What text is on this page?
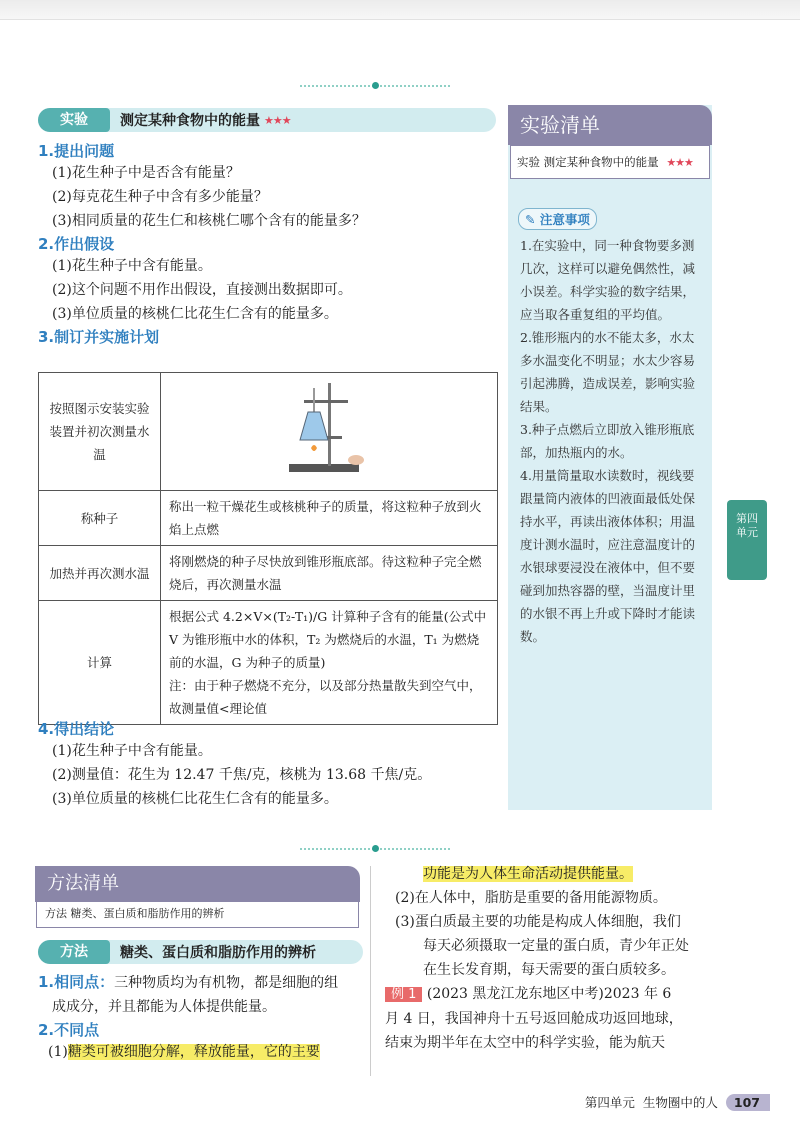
实验	测定某种食物中的能量 ★★★
1.提出问题
(1)花生种子中是否含有能量？
(2)每克花生种子中含有多少能量？
(3)相同质量的花生仁和核桃仁哪个含有的能量多？
2.作出假设
(1)花生种子中含有能量。
(2)这个问题不用作出假设，直接测出数据即可。
(3)单位质量的核桃仁比花生仁含有的能量多。
3.制订并实施计划
按照图示安装实验装置并初次测量水温	
称种子	称出一粒干燥花生或核桃种子的质量，将这粒种子放到火焰上点燃
加热并再次测水温	将刚燃烧的种子尽快放到锥形瓶底部。待这粒种子完全燃烧后，再次测量水温
计算	根据公式 4.2×V×(T₂-T₁)/G 计算种子含有的能量(公式中 V 为锥形瓶中水的体积，T₂ 为燃烧后的水温，T₁ 为燃烧前的水温，G 为种子的质量)
注：由于种子燃烧不充分，以及部分热量散失到空气中，故测量值<理论值
4.得出结论
(1)花生种子中含有能量。
(2)测量值：花生为 12.47 千焦/克，核桃为 13.68 千焦/克。
(3)单位质量的核桃仁比花生仁含有的能量多。
实验清单
实验 测定某种食物中的能量 ★★★
✎ 注意事项

1.在实验中，同一种食物要多测几次，这样可以避免偶然性，减小误差。科学实验的数字结果，应当取各重复组的平均值。

2.锥形瓶内的水不能太多，水太多水温变化不明显；水太少容易引起沸腾，造成误差，影响实验结果。

3.种子点燃后立即放入锥形瓶底部，加热瓶内的水。

4.用量筒量取水读数时，视线要跟量筒内液体的凹液面最低处保持水平，再读出液体体积；用温度计测水温时，应注意温度计的水银球要浸没在液体中，但不要碰到加热容器的壁，当温度计里的水银不再上升或下降时才能读数。

第四单元
方法清单
方法 糖类、蛋白质和脂肪作用的辨析
方法	糖类、蛋白质和脂肪作用的辨析
1.相同点：三种物质均为有机物，都是细胞的组
成成分，并且都能为人体提供能量。
2.不同点
(1)糖类可被细胞分解，释放能量，它的主要
功能是为人体生命活动提供能量。
(2)在人体中，脂肪是重要的备用能源物质。
(3)蛋白质最主要的功能是构成人体细胞，我们
每天必须摄取一定量的蛋白质，青少年正处
在生长发育期，每天需要的蛋白质较多。
例 1 (2023 黑龙江龙东地区中考)2023 年 6
月 4 日，我国神舟十五号返回舱成功返回地球，
结束为期半年在太空中的科学实验，能为航天
第四单元 生物圈中的人	107
